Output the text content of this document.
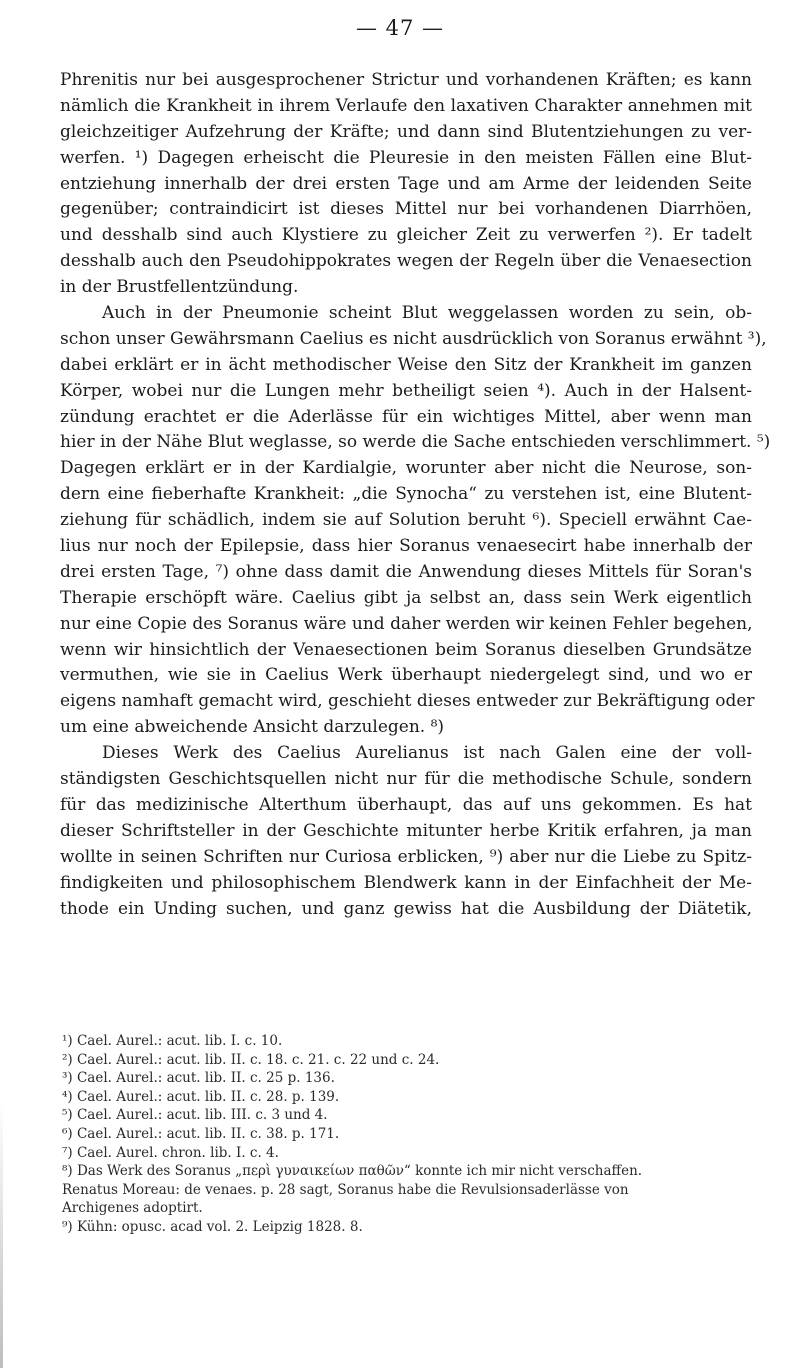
— 47 —
Phrenitis nur bei ausgesprochener Strictur und vorhandenen Kräften; es kann
nämlich die Krankheit in ihrem Verlaufe den laxativen Charakter annehmen mit
gleichzeitiger Aufzehrung der Kräfte; und dann sind Blutentziehungen zu ver-
werfen. ¹) Dagegen erheischt die Pleuresie in den meisten Fällen eine Blut-
entziehung innerhalb der drei ersten Tage und am Arme der leidenden Seite
gegenüber; contraindicirt ist dieses Mittel nur bei vorhandenen Diarrhöen,
und desshalb sind auch Klystiere zu gleicher Zeit zu verwerfen ²). Er tadelt
desshalb auch den Pseudohippokrates wegen der Regeln über die Venaesection
in der Brustfellentzündung.
Auch in der Pneumonie scheint Blut weggelassen worden zu sein, ob-
schon unser Gewährsmann Caelius es nicht ausdrücklich von Soranus erwähnt ³),
dabei erklärt er in ächt methodischer Weise den Sitz der Krankheit im ganzen
Körper, wobei nur die Lungen mehr betheiligt seien ⁴). Auch in der Halsent-
zündung erachtet er die Aderlässe für ein wichtiges Mittel, aber wenn man
hier in der Nähe Blut weglasse, so werde die Sache entschieden verschlimmert. ⁵)
Dagegen erklärt er in der Kardialgie, worunter aber nicht die Neurose, son-
dern eine fieberhafte Krankheit: „die Synocha“ zu verstehen ist, eine Blutent-
ziehung für schädlich, indem sie auf Solution beruht ⁶). Speciell erwähnt Cae-
lius nur noch der Epilepsie, dass hier Soranus venaesecirt habe innerhalb der
drei ersten Tage, ⁷) ohne dass damit die Anwendung dieses Mittels für Soran's
Therapie erschöpft wäre. Caelius gibt ja selbst an, dass sein Werk eigentlich
nur eine Copie des Soranus wäre und daher werden wir keinen Fehler begehen,
wenn wir hinsichtlich der Venaesectionen beim Soranus dieselben Grundsätze
vermuthen, wie sie in Caelius Werk überhaupt niedergelegt sind, und wo er
eigens namhaft gemacht wird, geschieht dieses entweder zur Bekräftigung oder
um eine abweichende Ansicht darzulegen. ⁸)
Dieses Werk des Caelius Aurelianus ist nach Galen eine der voll-
ständigsten Geschichtsquellen nicht nur für die methodische Schule, sondern
für das medizinische Alterthum überhaupt, das auf uns gekommen. Es hat
dieser Schriftsteller in der Geschichte mitunter herbe Kritik erfahren, ja man
wollte in seinen Schriften nur Curiosa erblicken, ⁹) aber nur die Liebe zu Spitz-
findigkeiten und philosophischem Blendwerk kann in der Einfachheit der Me-
thode ein Unding suchen, und ganz gewiss hat die Ausbildung der Diätetik,
¹) Cael. Aurel.: acut. lib. I. c. 10.
²) Cael. Aurel.: acut. lib. II. c. 18. c. 21. c. 22 und c. 24.
³) Cael. Aurel.: acut. lib. II. c. 25 p. 136.
⁴) Cael. Aurel.: acut. lib. II. c. 28. p. 139.
⁵) Cael. Aurel.: acut. lib. III. c. 3 und 4.
⁶) Cael. Aurel.: acut. lib. II. c. 38. p. 171.
⁷) Cael. Aurel. chron. lib. I. c. 4.
⁸) Das Werk des Soranus „περὶ γυναικείων παθῶν“ konnte ich mir nicht verschaffen.
Renatus Moreau: de venaes. p. 28 sagt, Soranus habe die Revulsionsaderlässe von
Archigenes adoptirt.
⁹) Kühn: opusc. acad vol. 2. Leipzig 1828. 8.
